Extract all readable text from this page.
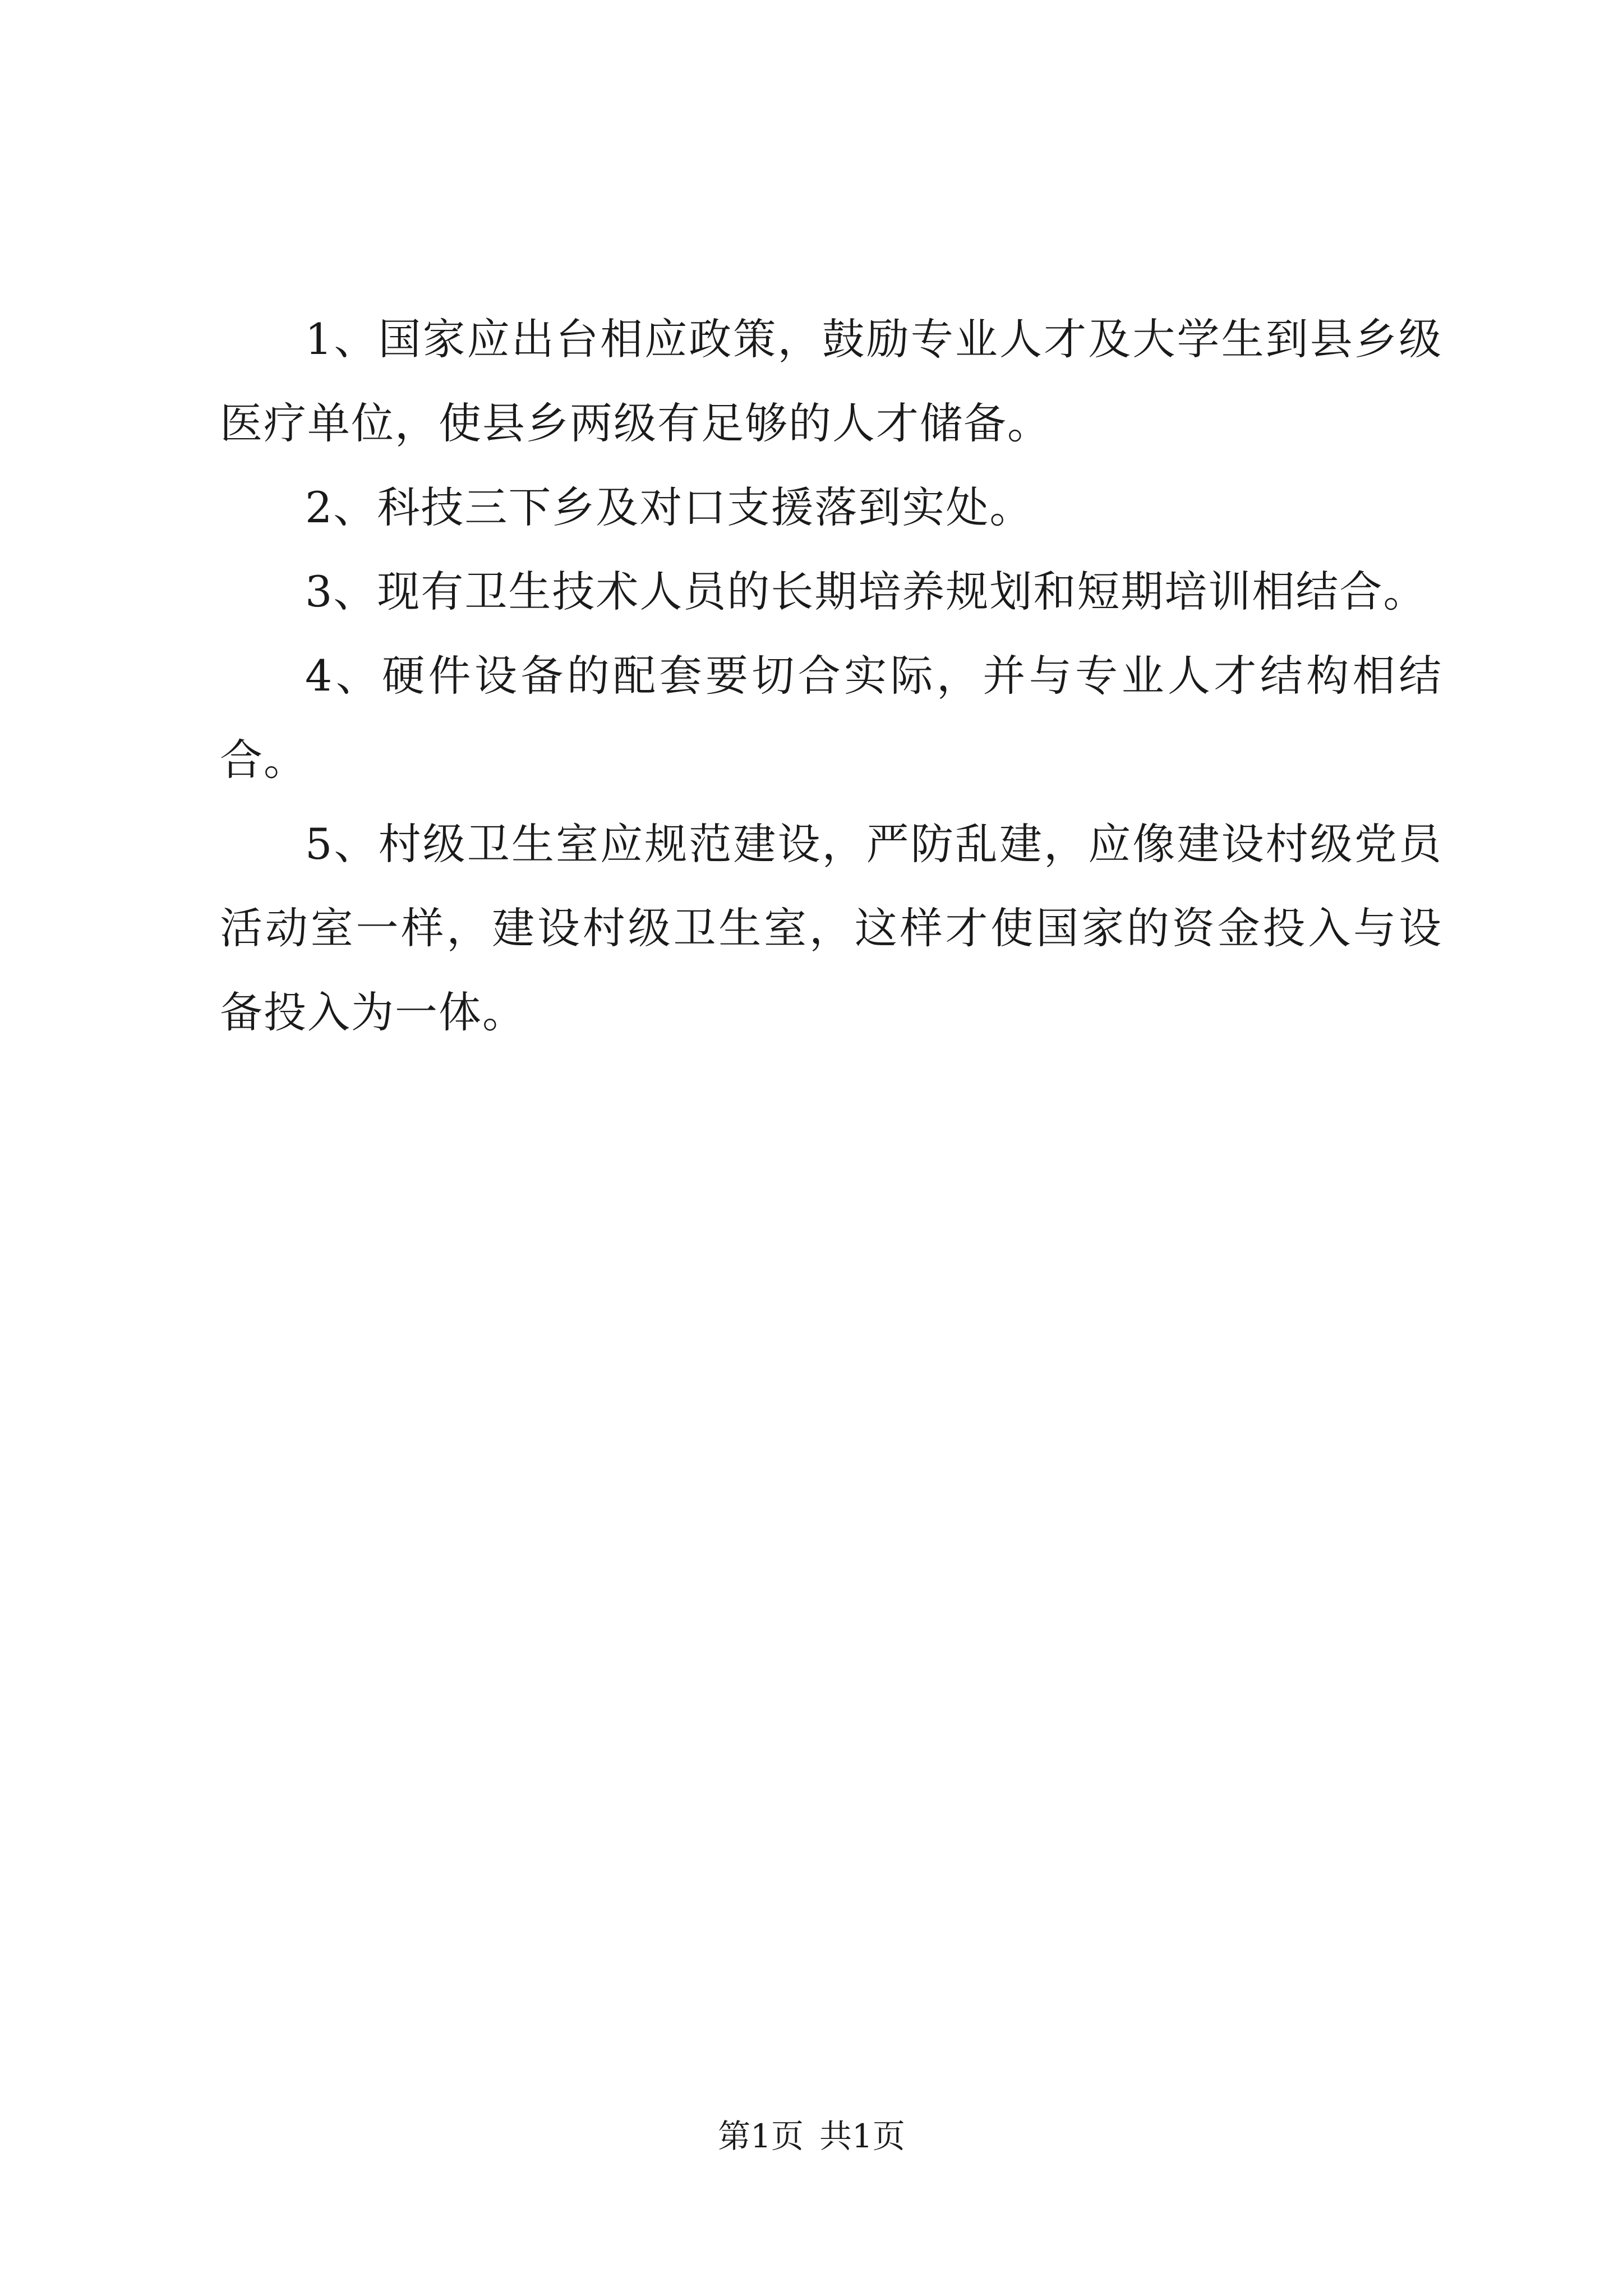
1、国家应出台相应政策，鼓励专业人才及大学生到县乡级医疗单位，使县乡两级有足够的人才储备。

2、科技三下乡及对口支援落到实处。

3、现有卫生技术人员的长期培养规划和短期培训相结合。

4、硬件设备的配套要切合实际，并与专业人才结构相结合。

5、村级卫生室应规范建设，严防乱建，应像建设村级党员活动室一样，建设村级卫生室，这样才使国家的资金投入与设备投入为一体。

第1页 共1页
